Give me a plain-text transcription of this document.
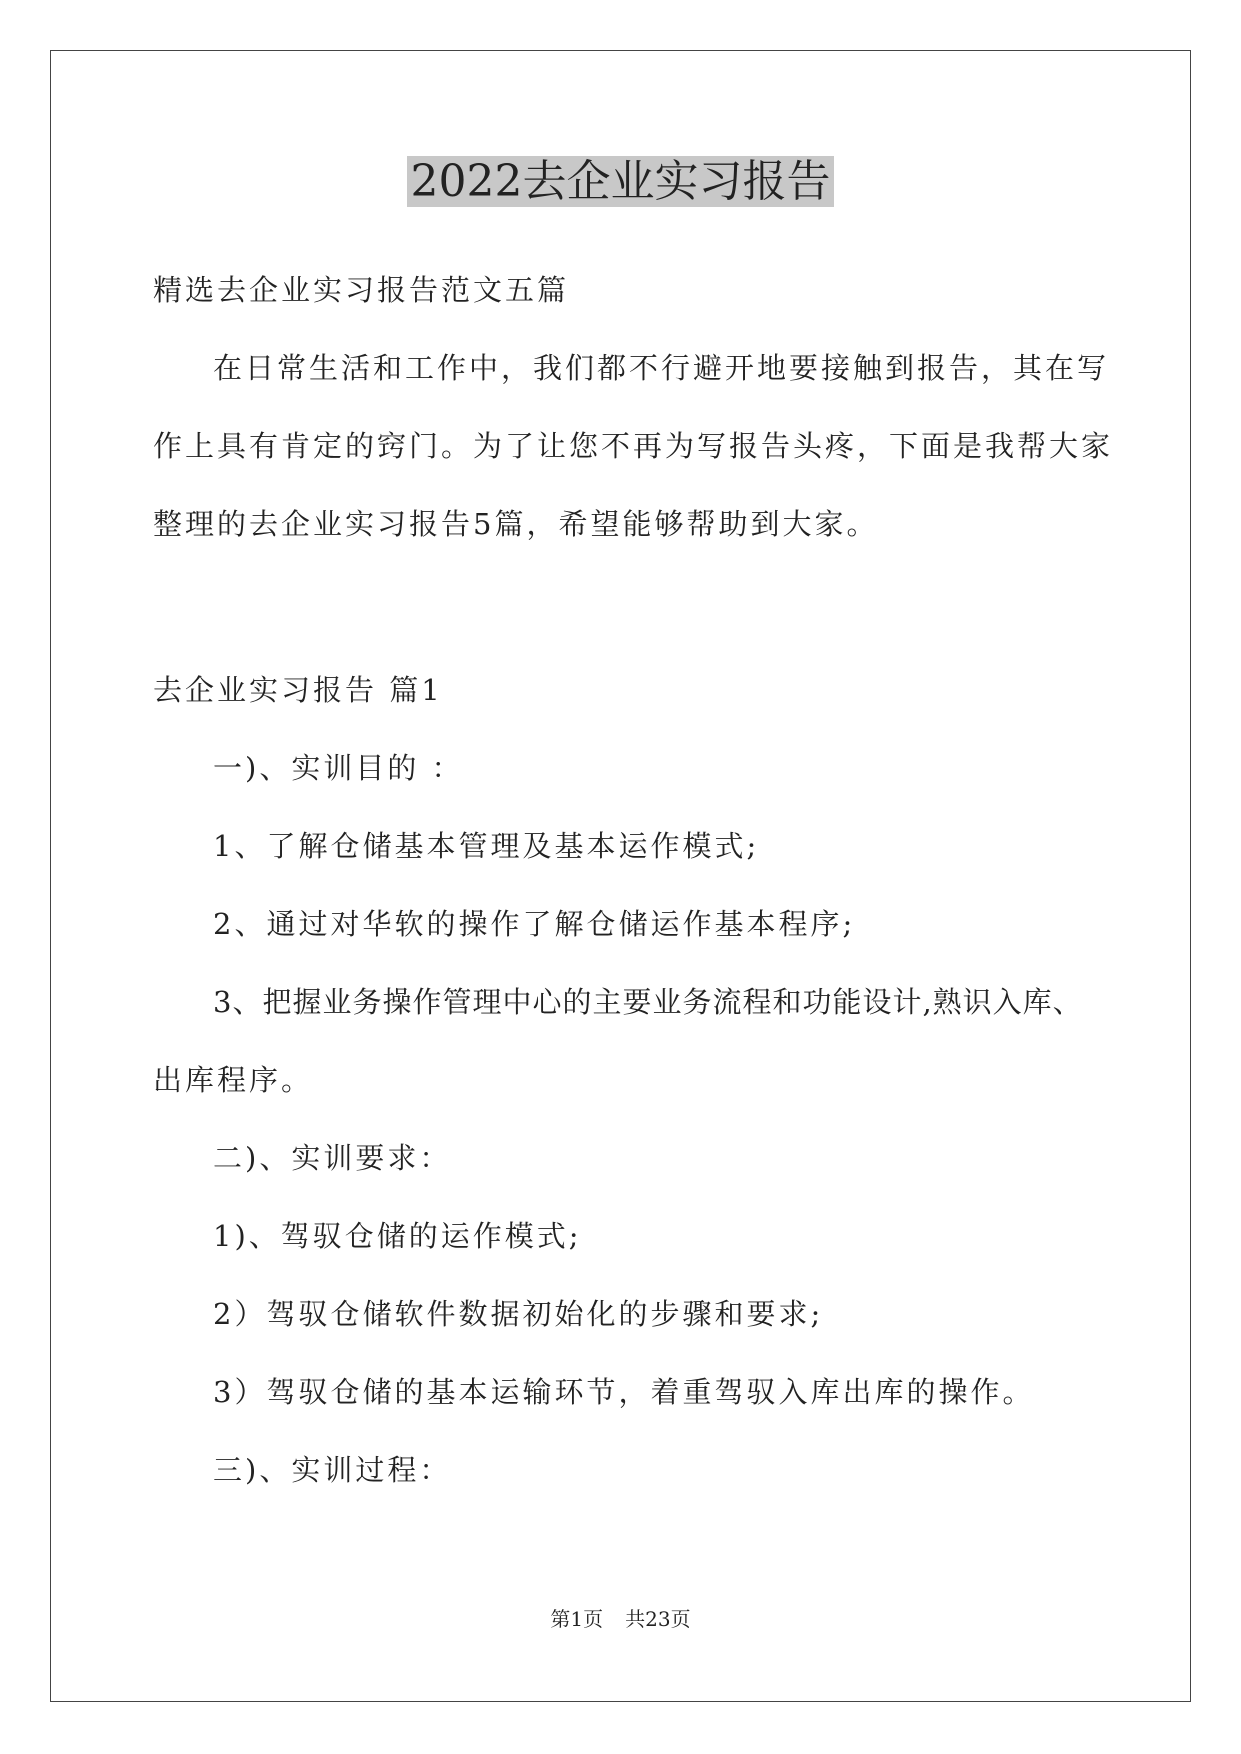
2022去企业实习报告
精选去企业实习报告范文五篇
在日常生活和工作中，我们都不行避开地要接触到报告，其在写
作上具有肯定的窍门。为了让您不再为写报告头疼，下面是我帮大家
整理的去企业实习报告5篇，希望能够帮助到大家。
去企业实习报告 篇1
一)、实训目的 ：
1、了解仓储基本管理及基本运作模式;
2、通过对华软的操作了解仓储运作基本程序;
3、把握业务操作管理中心的主要业务流程和功能设计,熟识入库、
出库程序。
二)、实训要求：
1)、驾驭仓储的运作模式;
2）驾驭仓储软件数据初始化的步骤和要求;
3）驾驭仓储的基本运输环节，着重驾驭入库出库的操作。
三)、实训过程：
第1页 共23页
